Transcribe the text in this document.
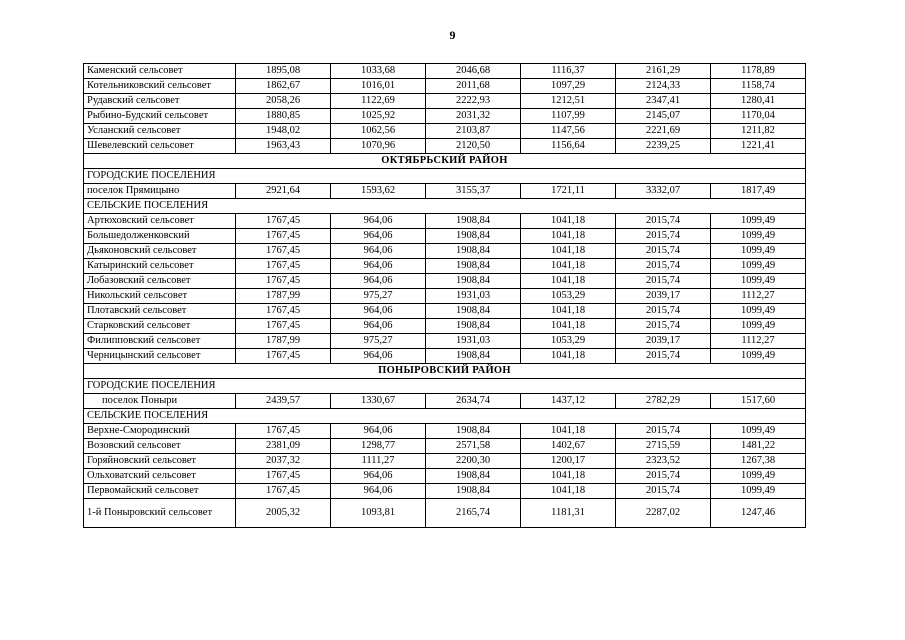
9
Каменский сельсовет	1895,08	1033,68	2046,68	1116,37	2161,29	1178,89
Котельниковский сельсовет	1862,67	1016,01	2011,68	1097,29	2124,33	1158,74
Рудавский сельсовет	2058,26	1122,69	2222,93	1212,51	2347,41	1280,41
Рыбино-Будский сельсовет	1880,85	1025,92	2031,32	1107,99	2145,07	1170,04
Усланский сельсовет	1948,02	1062,56	2103,87	1147,56	2221,69	1211,82
Шевелевский сельсовет	1963,43	1070,96	2120,50	1156,64	2239,25	1221,41
ОКТЯБРЬСКИЙ РАЙОН						
ГОРОДСКИЕ ПОСЕЛЕНИЯ						
поселок Прямицыно	2921,64	1593,62	3155,37	1721,11	3332,07	1817,49
СЕЛЬСКИЕ ПОСЕЛЕНИЯ						
Артюховский сельсовет	1767,45	964,06	1908,84	1041,18	2015,74	1099,49
Большедолженковский	1767,45	964,06	1908,84	1041,18	2015,74	1099,49
Дьяконовский сельсовет	1767,45	964,06	1908,84	1041,18	2015,74	1099,49
Катыринский сельсовет	1767,45	964,06	1908,84	1041,18	2015,74	1099,49
Лобазовский сельсовет	1767,45	964,06	1908,84	1041,18	2015,74	1099,49
Никольский сельсовет	1787,99	975,27	1931,03	1053,29	2039,17	1112,27
Плотавский сельсовет	1767,45	964,06	1908,84	1041,18	2015,74	1099,49
Старковский сельсовет	1767,45	964,06	1908,84	1041,18	2015,74	1099,49
Филипповский сельсовет	1787,99	975,27	1931,03	1053,29	2039,17	1112,27
Черницынский сельсовет	1767,45	964,06	1908,84	1041,18	2015,74	1099,49
ПОНЫРОВСКИЙ РАЙОН						
ГОРОДСКИЕ ПОСЕЛЕНИЯ						
поселок Поныри	2439,57	1330,67	2634,74	1437,12	2782,29	1517,60
СЕЛЬСКИЕ ПОСЕЛЕНИЯ						
Верхне-Смородинский	1767,45	964,06	1908,84	1041,18	2015,74	1099,49
Возовский сельсовет	2381,09	1298,77	2571,58	1402,67	2715,59	1481,22
Горяйновский сельсовет	2037,32	1111,27	2200,30	1200,17	2323,52	1267,38
Ольховатский сельсовет	1767,45	964,06	1908,84	1041,18	2015,74	1099,49
Первомайский сельсовет	1767,45	964,06	1908,84	1041,18	2015,74	1099,49
1-й Поныровский сельсовет	2005,32	1093,81	2165,74	1181,31	2287,02	1247,46
